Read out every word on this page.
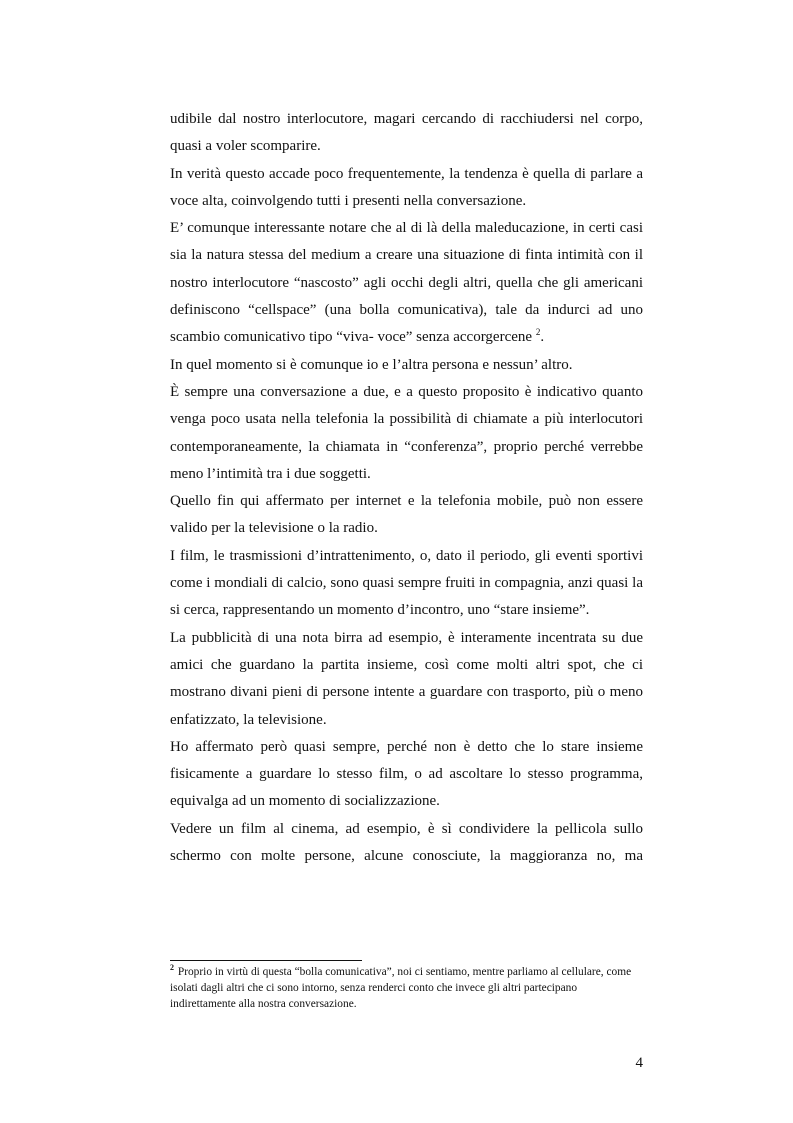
udibile dal nostro interlocutore, magari cercando di racchiudersi nel corpo, quasi a voler scomparire.

In verità questo accade poco frequentemente, la tendenza è quella di parlare a voce alta, coinvolgendo tutti i presenti nella conversazione.

E’ comunque interessante notare che al di là della maleducazione, in certi casi sia la natura stessa del medium a creare una situazione di finta intimità con il nostro interlocutore “nascosto” agli occhi degli altri, quella che gli americani definiscono “cellspace” (una bolla comunicativa), tale da indurci ad uno scambio comunicativo tipo “viva- voce” senza accorgercene $^2$.

In quel momento si è comunque io e l’altra persona e nessun’ altro.

È sempre una conversazione a due, e a questo proposito è indicativo quanto venga poco usata nella telefonia la possibilità di chiamate a più interlocutori contemporaneamente, la chiamata in “conferenza”, proprio perché verrebbe meno l’intimità tra i due soggetti.

Quello fin qui affermato per internet e la telefonia mobile, può non essere valido per la televisione o la radio.

I film, le trasmissioni d’intrattenimento, o, dato il periodo, gli eventi sportivi come i mondiali di calcio, sono quasi sempre fruiti in compagnia, anzi quasi la si cerca, rappresentando un momento d’incontro, uno “stare insieme”.

La pubblicità di una nota birra ad esempio, è interamente incentrata su due amici che guardano la partita insieme, così come molti altri spot, che ci mostrano divani pieni di persone intente a guardare con trasporto, più o meno enfatizzato, la televisione.

Ho affermato però quasi sempre, perché non è detto che lo stare insieme fisicamente a guardare lo stesso film, o ad ascoltare lo stesso programma, equivalga ad un momento di socializzazione.

Vedere un film al cinema, ad esempio, è sì condividere la pellicola sullo schermo con molte persone, alcune conosciute, la maggioranza no, ma

$^2$ Proprio in virtù di questa “bolla comunicativa”, noi ci sentiamo, mentre parliamo al cellulare, come isolati dagli altri che ci sono intorno, senza renderci conto che invece gli altri partecipano indirettamente alla nostra conversazione.

4
